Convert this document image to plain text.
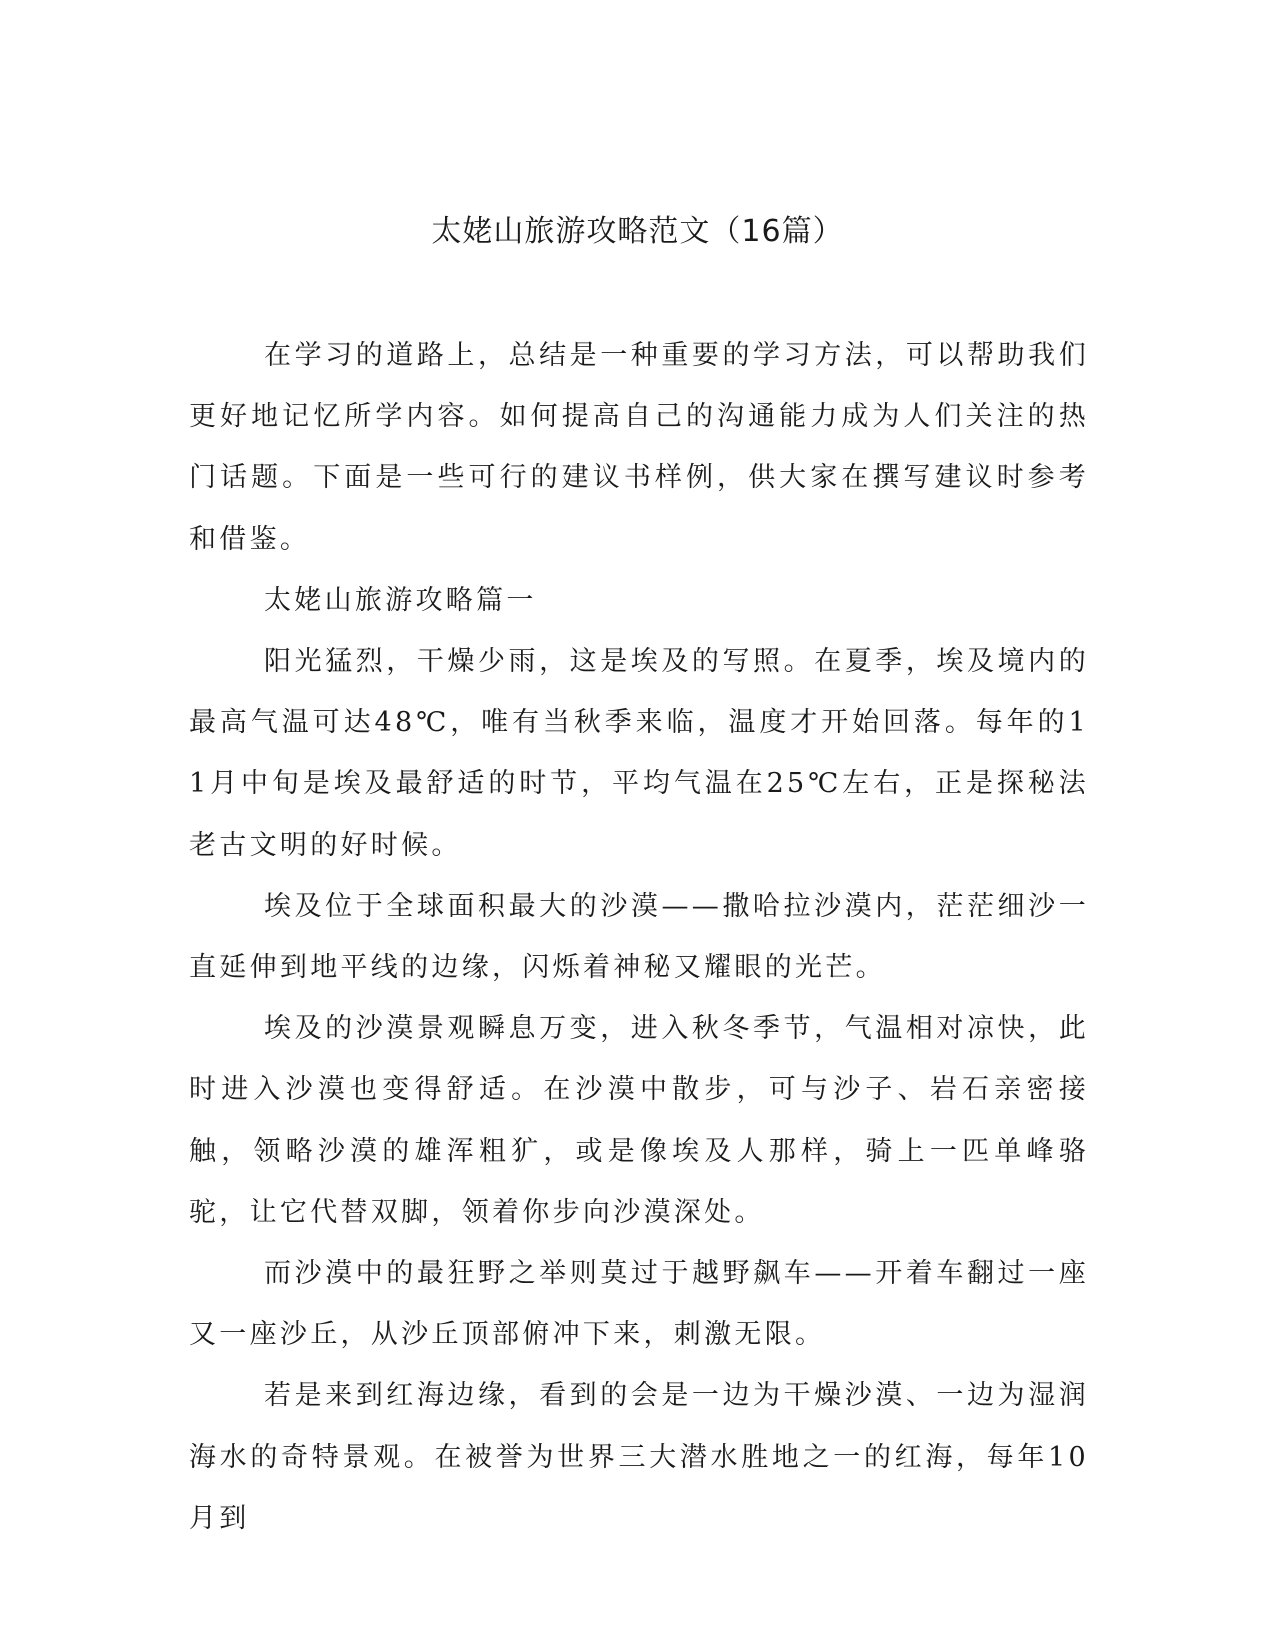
太姥山旅游攻略范文（16篇）

在学习的道路上，总结是一种重要的学习方法，可以帮助我们更好地记忆所学内容。如何提高自己的沟通能力成为人们关注的热门话题。下面是一些可行的建议书样例，供大家在撰写建议时参考和借鉴。

太姥山旅游攻略篇一

阳光猛烈，干燥少雨，这是埃及的写照。在夏季，埃及境内的最高气温可达48℃，唯有当秋季来临，温度才开始回落。每年的11月中旬是埃及最舒适的时节，平均气温在25℃左右，正是探秘法老古文明的好时候。

埃及位于全球面积最大的沙漠——撒哈拉沙漠内，茫茫细沙一直延伸到地平线的边缘，闪烁着神秘又耀眼的光芒。

埃及的沙漠景观瞬息万变，进入秋冬季节，气温相对凉快，此时进入沙漠也变得舒适。在沙漠中散步，可与沙子、岩石亲密接触，领略沙漠的雄浑粗犷，或是像埃及人那样，骑上一匹单峰骆驼，让它代替双脚，领着你步向沙漠深处。

而沙漠中的最狂野之举则莫过于越野飙车——开着车翻过一座又一座沙丘，从沙丘顶部俯冲下来，刺激无限。

若是来到红海边缘，看到的会是一边为干燥沙漠、一边为湿润海水的奇特景观。在被誉为世界三大潜水胜地之一的红海，每年10月到
